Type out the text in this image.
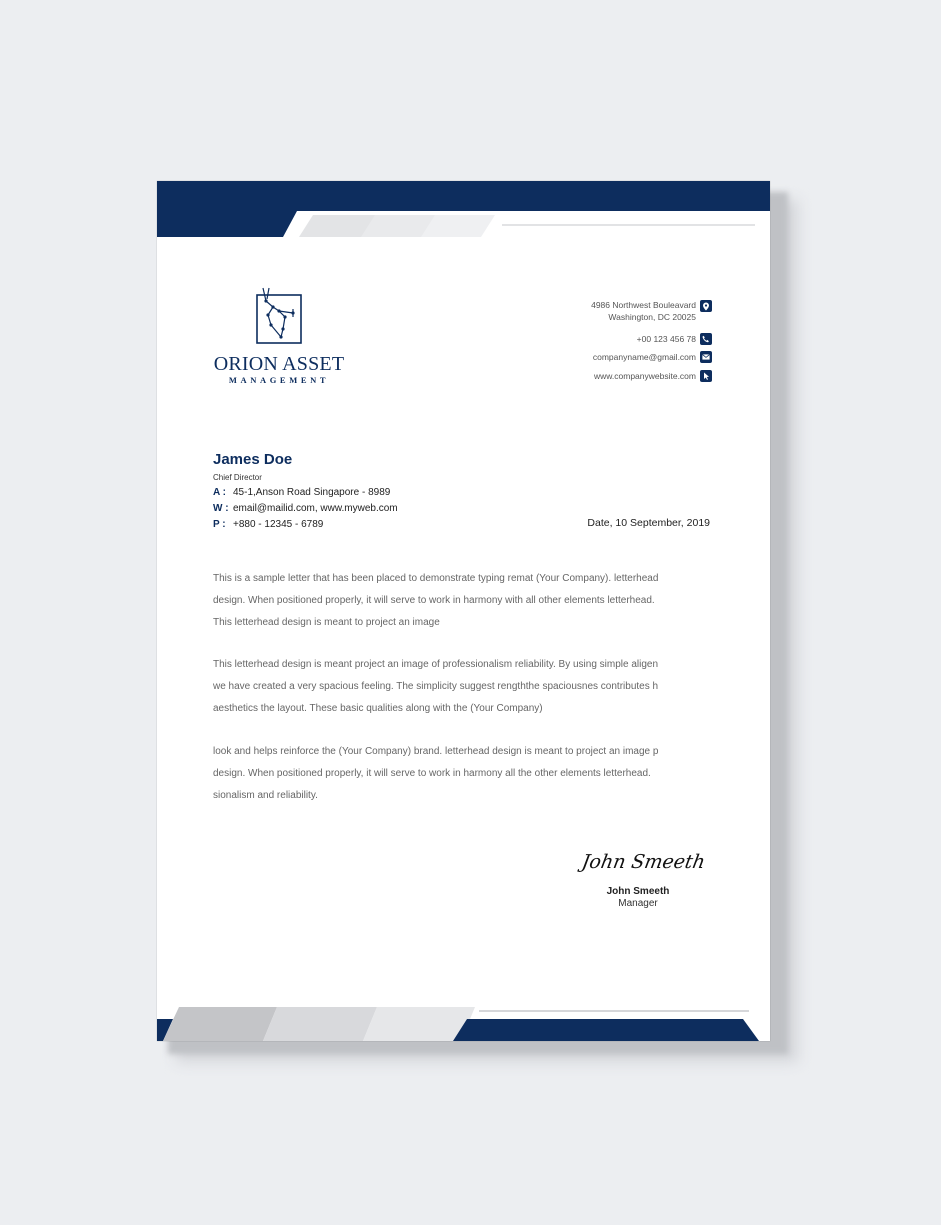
ORION ASSET
MANAGEMENT
4986 Northwest Bouleavard
Washington, DC 20025
+00 123 456 78
companyname@gmail.com
www.companywebsite.com
James Doe
Chief Director
A : 45-1,Anson Road Singapore - 8989
W : email@mailid.com, www.myweb.com
P : +880 - 12345 - 6789	Date, 10 September, 2019
This is a sample letter that has been placed to demonstrate typing remat (Your Company). letterhead
design. When positioned properly, it will serve to work in harmony with all other elements letterhead.
This letterhead design is meant to project an image
This letterhead design is meant project an image of professionalism reliability. By using simple aligen
we have created a very spacious feeling. The simplicity suggest rengththe spaciousnes contributes h
aesthetics the layout. These basic qualities along with the (Your Company)
look and helps reinforce the (Your Company) brand. letterhead design is meant to project an image p
design. When positioned properly, it will serve to work in harmony all the other elements letterhead.
sionalism and reliability.
John Smeeth
John Smeeth
Manager
